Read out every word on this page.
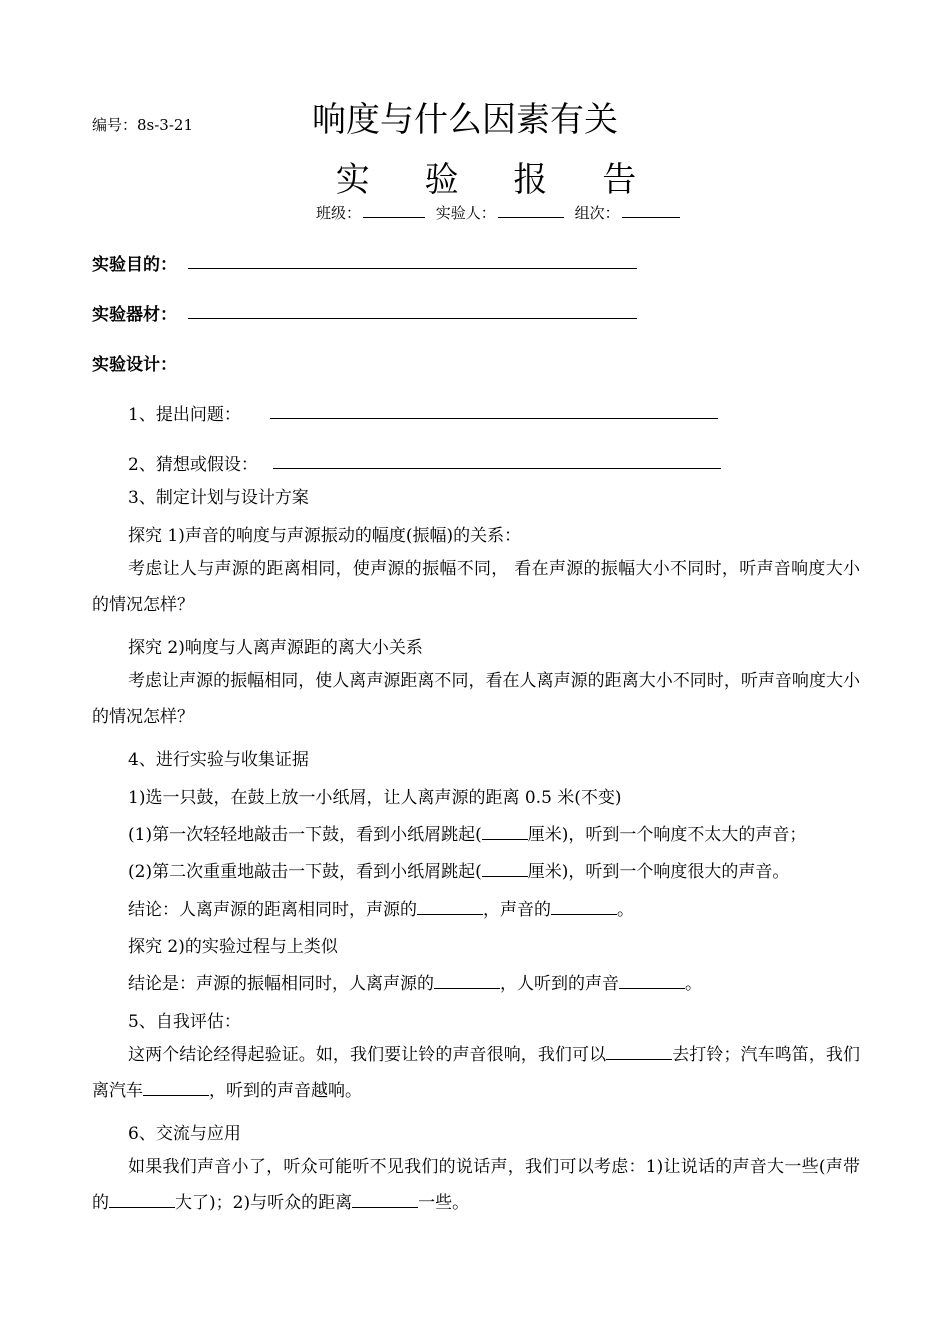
编号：8s-3-21	响度与什么因素有关
实 验 报 告
班级：	实验人：	组次：
实验目的：
实验器材：
实验设计：
1、提出问题：
2、猜想或假设：
3、制定计划与设计方案
探究 1)声音的响度与声源振动的幅度(振幅)的关系：
考虑让人与声源的距离相同，使声源的振幅不同， 看在声源的振幅大小不同时，听声音响度大小的情况怎样？
探究 2)响度与人离声源距的离大小关系
考虑让声源的振幅相同，使人离声源距离不同，看在人离声源的距离大小不同时，听声音响度大小的情况怎样？
4、进行实验与收集证据
1)选一只鼓，在鼓上放一小纸屑，让人离声源的距离 0.5 米(不变)
(1)第一次轻轻地敲击一下鼓，看到小纸屑跳起(	厘米)，听到一个响度不太大的声音；
(2)第二次重重地敲击一下鼓，看到小纸屑跳起(	厘米)，听到一个响度很大的声音。
结论：人离声源的距离相同时，声源的	，声音的	。
探究 2)的实验过程与上类似
结论是：声源的振幅相同时，人离声源的	，人听到的声音	。
5、自我评估：
这两个结论经得起验证。如，我们要让铃的声音很响，我们可以	去打铃；汽车鸣笛，我们离汽车	，听到的声音越响。
6、交流与应用
如果我们声音小了，听众可能听不见我们的说话声，我们可以考虑：1)让说话的声音大一些(声带的	大了)；2)与听众的距离	一些。
